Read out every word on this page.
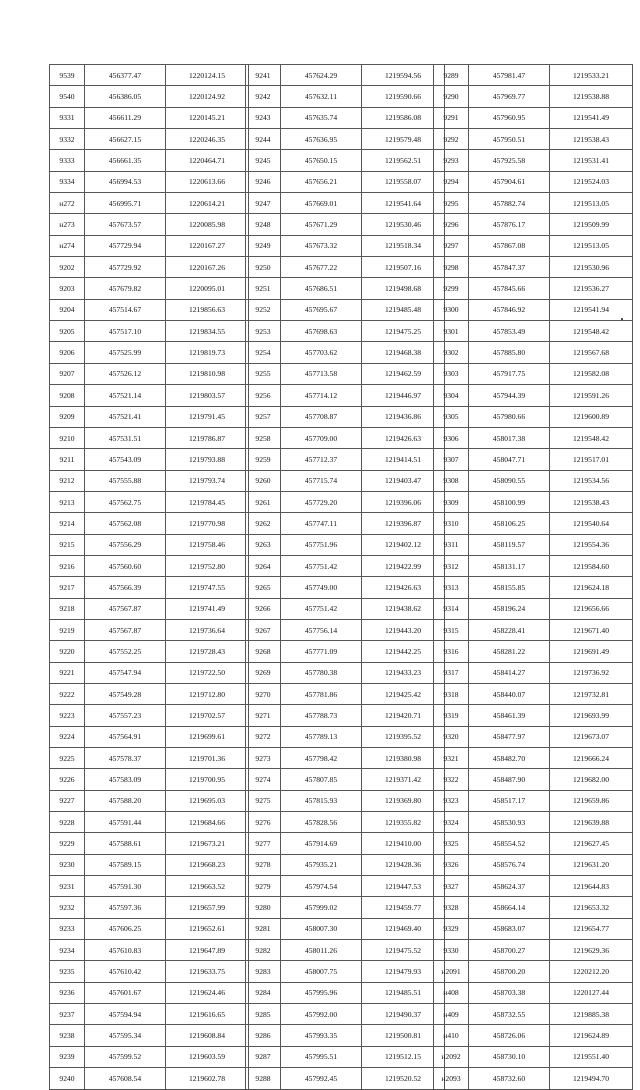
9539	456377.47	1220124.15
9540	456386.05	1220124.92
9331	456611.29	1220145.21
9332	456627.15	1220246.35
9333	456661.35	1220464.71
9334	456994.53	1220613.66
н272	456995.71	1220614.21
н273	457673.57	1220085.98
н274	457729.94	1220167.27
9202	457729.92	1220167.26
9203	457679.82	1220095.01
9204	457514.67	1219856.63
9205	457517.10	1219834.55
9206	457525.99	1219819.73
9207	457526.12	1219810.98
9208	457521.14	1219803.57
9209	457521.41	1219791.45
9210	457531.51	1219786.87
9211	457543.09	1219793.88
9212	457555.88	1219793.74
9213	457562.75	1219784.45
9214	457562.08	1219770.98
9215	457556.29	1219758.46
9216	457560.60	1219752.80
9217	457566.39	1219747.55
9218	457567.87	1219741.49
9219	457567.87	1219736.64
9220	457552.25	1219728.43
9221	457547.94	1219722.50
9222	457549.28	1219712.80
9223	457557.23	1219702.57
9224	457564.91	1219699.61
9225	457578.37	1219701.36
9226	457583.09	1219700.95
9227	457588.20	1219695.03
9228	457591.44	1219684.66
9229	457588.61	1219673.21
9230	457589.15	1219668.23
9231	457591.30	1219663.52
9232	457597.36	1219657.99
9233	457606.25	1219652.61
9234	457610.83	1219647.89
9235	457610.42	1219633.75
9236	457601.67	1219624.46
9237	457594.94	1219616.65
9238	457595.34	1219608.84
9239	457599.52	1219603.59
9240	457608.54	1219602.78
9241	457624.29	1219594.56
9242	457632.11	1219590.66
9243	457635.74	1219586.08
9244	457636.95	1219579.48
9245	457650.15	1219562.51
9246	457656.21	1219558.07
9247	457669.01	1219541.64
9248	457671.29	1219530.46
9249	457673.32	1219518.34
9250	457677.22	1219507.16
9251	457686.51	1219498.68
9252	457695.67	1219485.48
9253	457698.63	1219475.25
9254	457703.62	1219468.38
9255	457713.58	1219462.59
9256	457714.12	1219446.97
9257	457708.87	1219436.86
9258	457709.00	1219426.63
9259	457712.37	1219414.51
9260	457715.74	1219403.47
9261	457729.20	1219396.06
9262	457747.11	1219396.87
9263	457751.96	1219402.12
9264	457751.42	1219422.99
9265	457749.00	1219426.63
9266	457751.42	1219438.62
9267	457756.14	1219443.20
9268	457771.09	1219442.25
9269	457780.38	1219433.23
9270	457781.86	1219425.42
9271	457788.73	1219420.71
9272	457789.13	1219395.52
9273	457798.42	1219380.98
9274	457807.85	1219371.42
9275	457815.93	1219369.80
9276	457828.56	1219355.82
9277	457914.69	1219410.00
9278	457935.21	1219428.36
9279	457974.54	1219447.53
9280	457999.02	1219459.77
9281	458007.30	1219469.40
9282	458011.26	1219475.52
9283	458007.75	1219479.93
9284	457995.96	1219485.51
9285	457992.00	1219490.37
9286	457993.35	1219500.81
9287	457995.51	1219512.15
9288	457992.45	1219520.52
9289	457981.47	1219533.21
9290	457969.77	1219538.88
9291	457960.95	1219541.49
9292	457950.51	1219538.43
9293	457925.58	1219531.41
9294	457904.61	1219524.03
9295	457882.74	1219513.05
9296	457876.17	1219509.99
9297	457867.08	1219513.05
9298	457847.37	1219530.96
9299	457845.66	1219536.27
9300	457846.92	1219541.94
9301	457853.49	1219548.42
9302	457885.80	1219567.68
9303	457917.75	1219582.08
9304	457944.39	1219591.26
9305	457980.66	1219600.89
9306	458017.38	1219548.42
9307	458047.71	1219517.01
9308	458090.55	1219534.56
9309	458100.99	1219538.43
9310	458106.25	1219540.64
9311	458119.57	1219554.36
9312	458131.17	1219584.60
9313	458155.85	1219624.18
9314	458196.24	1219656.66
9315	458228.41	1219671.40
9316	458281.22	1219691.49
9317	458414.27	1219736.92
9318	458440.07	1219732.81
9319	458461.39	1219693.99
9320	458477.97	1219673.07
9321	458482.70	1219666.24
9322	458487.90	1219682.00
9323	458517.17	1219659.86
9324	458530.93	1219639.88
9325	458554.52	1219627.45
9326	458576.74	1219631.20
9327	458624.37	1219644.83
9328	458664.14	1219653.32
9329	458683.07	1219654.77
9330	458700.27	1219629.36
н2091	458700.20	1220212.20
н408	458703.38	1220127.44
н409	458732.55	1219885.38
н410	458726.06	1219624.89
н2092	458730.10	1219551.40
н2093	458732.60	1219494.70
